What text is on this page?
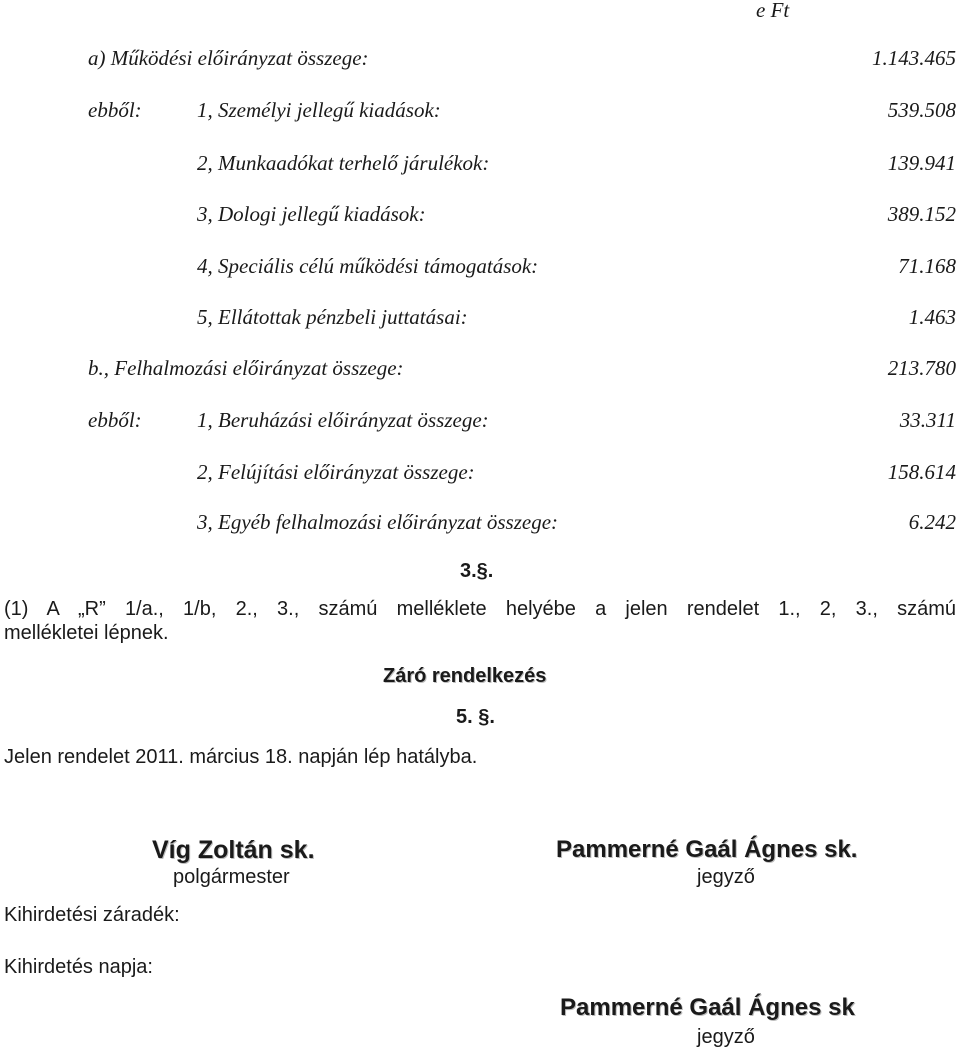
e Ft
a) Működési előirányzat összege:	1.143.465
ebből:	1, Személyi jellegű kiadások:	539.508
2, Munkaadókat terhelő járulékok:	139.941
3, Dologi jellegű kiadások:	389.152
4, Speciális célú működési támogatások:	71.168
5, Ellátottak pénzbeli juttatásai:	1.463
b., Felhalmozási előirányzat összege:	213.780
ebből:	1, Beruházási előirányzat összege:	33.311
2, Felújítási előirányzat összege:	158.614
3, Egyéb felhalmozási előirányzat összege:	6.242
3.§.
(1) A „R” 1/a., 1/b, 2., 3., számú melléklete helyébe a jelen rendelet 1., 2, 3., számú
mellékletei lépnek.
Záró rendelkezés
5. §.
Jelen rendelet 2011. március 18. napján lép hatályba.
Víg Zoltán sk.
polgármester
Pammerné Gaál Ágnes sk.
jegyző
Kihirdetési záradék:
Kihirdetés napja:
Pammerné Gaál Ágnes sk
jegyző
